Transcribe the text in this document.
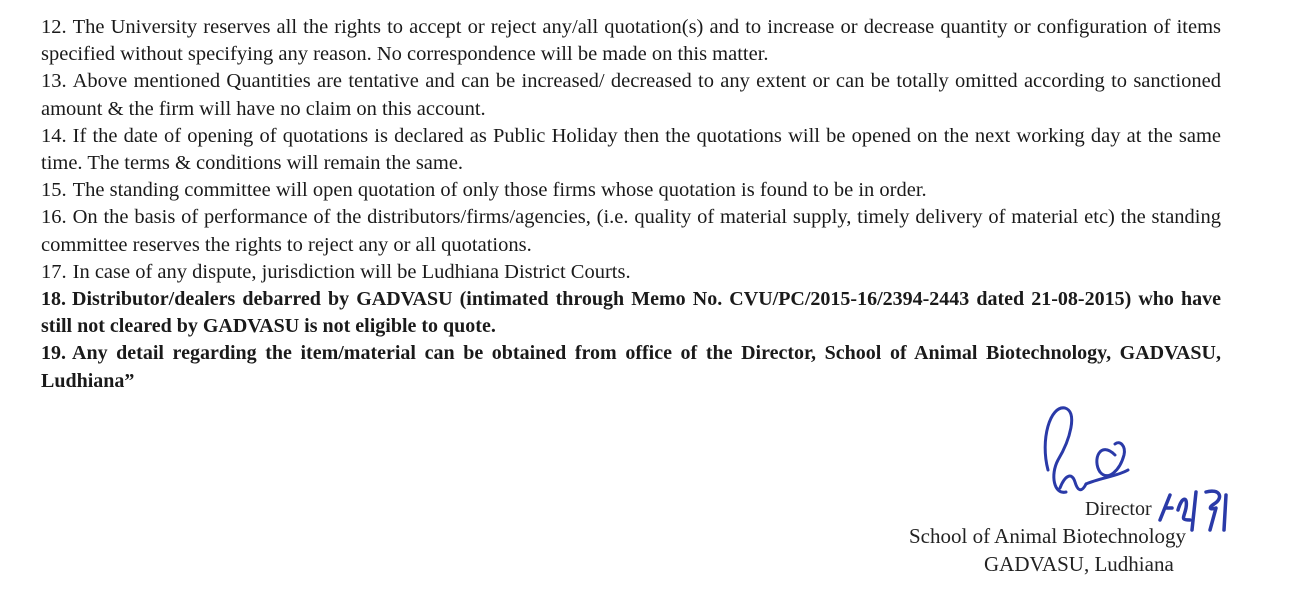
12. The University reserves all the rights to accept or reject any/all quotation(s) and to increase or decrease quantity or configuration of items specified without specifying any reason. No correspondence will be made on this matter.

13. Above mentioned Quantities are tentative and can be increased/ decreased to any extent or can be totally omitted according to sanctioned amount & the firm will have no claim on this account.

14. If the date of opening of quotations is declared as Public Holiday then the quotations will be opened on the next working day at the same time. The terms & conditions will remain the same.

15. The standing committee will open quotation of only those firms whose quotation is found to be in order.

16. On the basis of performance of the distributors/firms/agencies, (i.e. quality of material supply, timely delivery of material etc) the standing committee reserves the rights to reject any or all quotations.

17. In case of any dispute, jurisdiction will be Ludhiana District Courts.

18. Distributor/dealers debarred by GADVASU (intimated through Memo No. CVU/PC/2015-16/2394-2443 dated 21-08-2015) who have still not cleared by GADVASU is not eligible to quote.

19. Any detail regarding the item/material can be obtained from office of the Director, School of Animal Biotechnology, GADVASU, Ludhiana”

Director
School of Animal Biotechnology
GADVASU, Ludhiana
